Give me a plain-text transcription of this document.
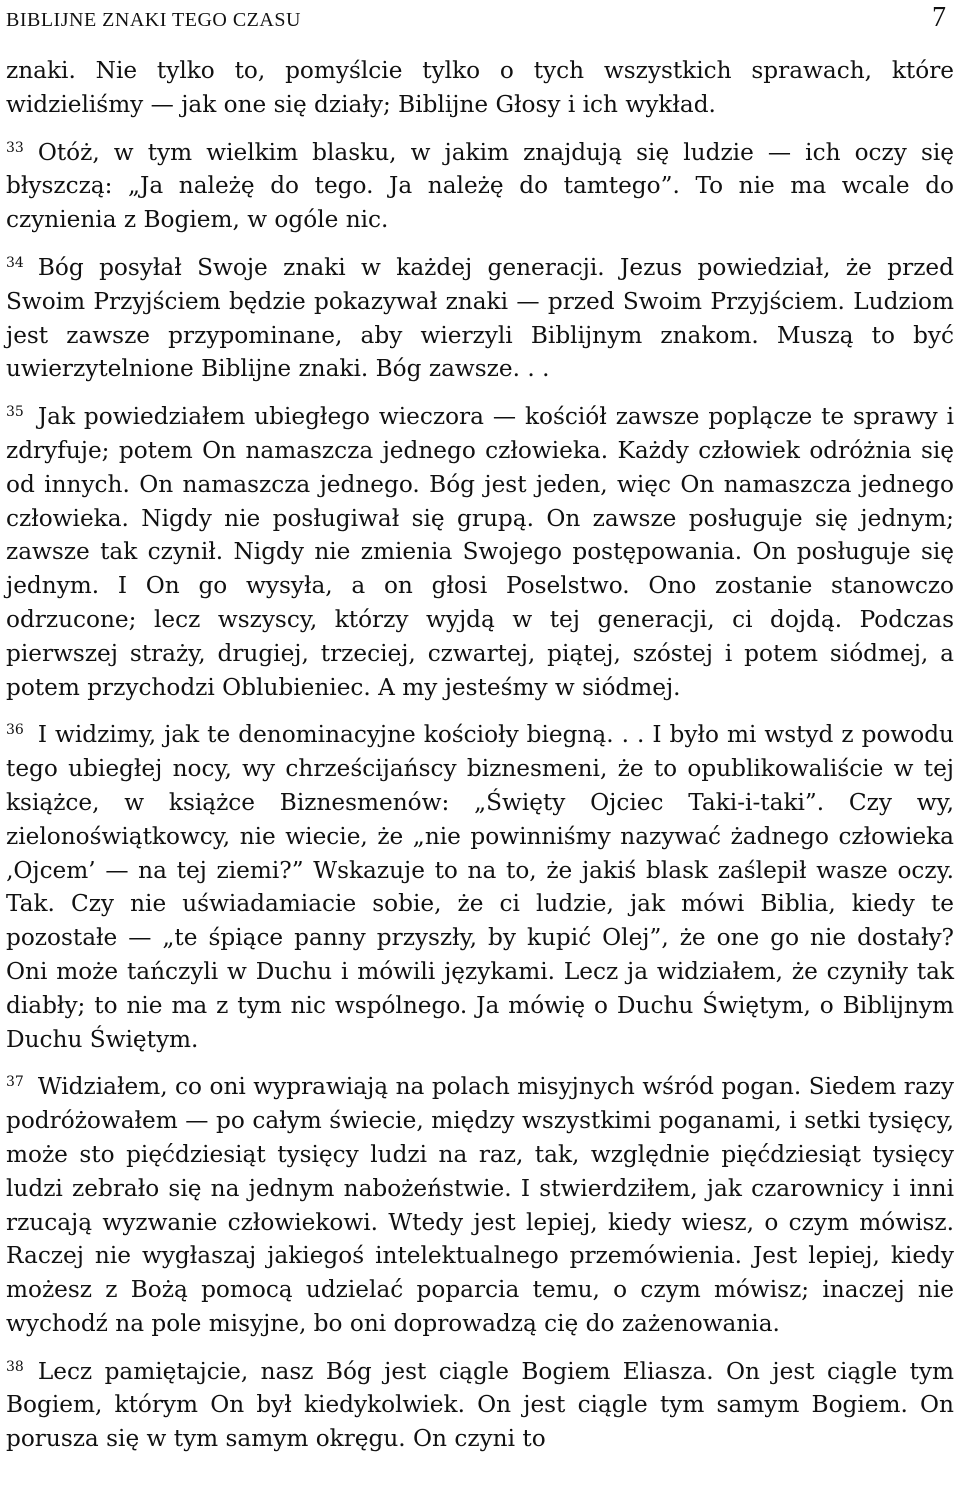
BIBLIJNE ZNAKI TEGO CZASU	7

znaki. Nie tylko to, pomyślcie tylko o tych wszystkich sprawach, które widzieliśmy — jak one się działy; Biblijne Głosy i ich wykład.

33 Otóż, w tym wielkim blasku, w jakim znajdują się ludzie — ich oczy się błyszczą: „Ja należę do tego. Ja należę do tamtego”. To nie ma wcale do czynienia z Bogiem, w ogóle nic.

34 Bóg posyłał Swoje znaki w każdej generacji. Jezus powiedział, że przed Swoim Przyjściem będzie pokazywał znaki — przed Swoim Przyjściem. Ludziom jest zawsze przypominane, aby wierzyli Biblijnym znakom. Muszą to być uwierzytelnione Biblijne znaki. Bóg zawsze. . .

35 Jak powiedziałem ubiegłego wieczora — kościół zawsze poplącze te sprawy i zdryfuje; potem On namaszcza jednego człowieka. Każdy człowiek odróżnia się od innych. On namaszcza jednego. Bóg jest jeden, więc On namaszcza jednego człowieka. Nigdy nie posługiwał się grupą. On zawsze posługuje się jednym; zawsze tak czynił. Nigdy nie zmienia Swojego postępowania. On posługuje się jednym. I On go wysyła, a on głosi Poselstwo. Ono zostanie stanowczo odrzucone; lecz wszyscy, którzy wyjdą w tej generacji, ci dojdą. Podczas pierwszej straży, drugiej, trzeciej, czwartej, piątej, szóstej i potem siódmej, a potem przychodzi Oblubieniec. A my jesteśmy w siódmej.

36 I widzimy, jak te denominacyjne kościoły biegną. . . I było mi wstyd z powodu tego ubiegłej nocy, wy chrześcijańscy biznesmeni, że to opublikowaliście w tej książce, w książce Biznesmenów: „Święty Ojciec Taki-i-taki”. Czy wy, zielonoświątkowcy, nie wiecie, że „nie powinniśmy nazywać żadnego człowieka ‚Ojcem’ — na tej ziemi?” Wskazuje to na to, że jakiś blask zaślepił wasze oczy. Tak. Czy nie uświadamiacie sobie, że ci ludzie, jak mówi Biblia, kiedy te pozostałe — „te śpiące panny przyszły, by kupić Olej”, że one go nie dostały? Oni może tańczyli w Duchu i mówili językami. Lecz ja widziałem, że czyniły tak diabły; to nie ma z tym nic wspólnego. Ja mówię o Duchu Świętym, o Biblijnym Duchu Świętym.

37 Widziałem, co oni wyprawiają na polach misyjnych wśród pogan. Siedem razy podróżowałem — po całym świecie, między wszystkimi poganami, i setki tysięcy, może sto pięćdziesiąt tysięcy ludzi na raz, tak, względnie pięćdziesiąt tysięcy ludzi zebrało się na jednym nabożeństwie. I stwierdziłem, jak czarownicy i inni rzucają wyzwanie człowiekowi. Wtedy jest lepiej, kiedy wiesz, o czym mówisz. Raczej nie wygłaszaj jakiegoś intelektualnego przemówienia. Jest lepiej, kiedy możesz z Bożą pomocą udzielać poparcia temu, o czym mówisz; inaczej nie wychodź na pole misyjne, bo oni doprowadzą cię do zażenowania.

38 Lecz pamiętajcie, nasz Bóg jest ciągle Bogiem Eliasza. On jest ciągle tym Bogiem, którym On był kiedykolwiek. On jest ciągle tym samym Bogiem. On porusza się w tym samym okręgu. On czyni to
